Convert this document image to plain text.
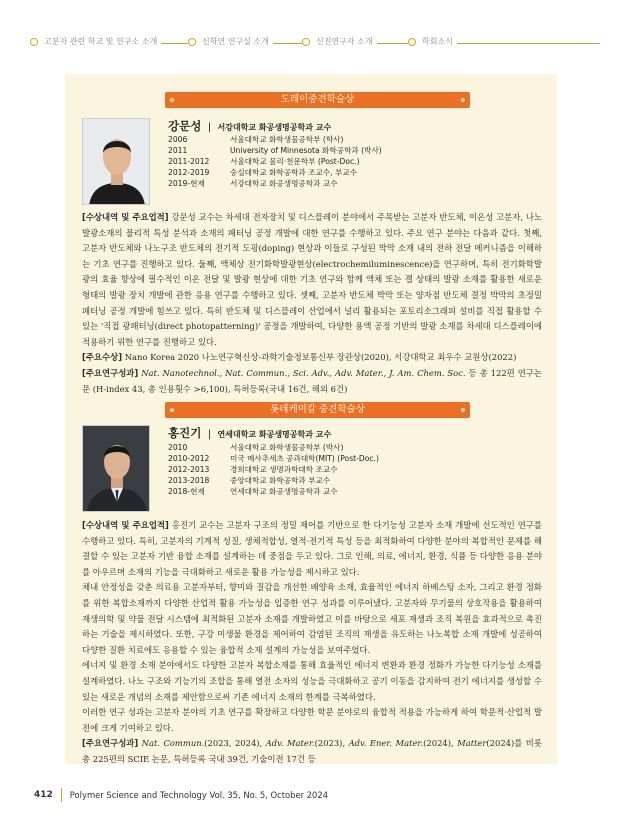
고분자 관련 학교 및 연구소 소개	신학연 연구실 소개	신진연구자 소개	학회소식
도레이중견학술상
강문성  |  서강대학교 화공생명공학과 교수
2006	서울대학교 화학생물공학부 (학사)
2011	University of Minnesota 화학공학과 (박사)
2011-2012	서울대학교 물리·천문학부 (Post-Doc.)
2012-2019	숭실대학교 화학공학과 조교수, 부교수
2019-현재	서강대학교 화공생명공학과 교수

[수상내역 및 주요업적] 강문성 교수는 차세대 전자장치 및 디스플레이 분야에서 주목받는 고분자 반도체, 이온성 고분자, 나노발광소재의 물리적 특성 분석과 소재의 패터닝 공정 개발에 대한 연구를 수행하고 있다. 주요 연구 분야는 다음과 같다. 첫째, 고분자 반도체와 나노구조 반도체의 전기적 도핑(doping) 현상과 이들로 구성된 박막 소재 내의 전하 전달 메커니즘을 이해하는 기초 연구를 진행하고 있다. 둘째, 액체상 전기화학발광현상(electrochemiluminescence)을 연구하며, 특히 전기화학발광의 효율 향상에 필수적인 이온 전달 및 발광 현상에 대한 기초 연구와 함께 액체 또는 겔 상태의 발광 소재를 활용한 새로운 형태의 발광 장치 개발에 관한 응용 연구를 수행하고 있다. 셋째, 고분자 반도체 박막 또는 양자점 반도체 결정 박막의 초정밀 패터닝 공정 개발에 힘쓰고 있다. 특히 반도체 및 디스플레이 산업에서 널리 활용되는 포토리소그래피 설비를 직접 활용할 수 있는 '직접 광패터닝(direct photopatterning)' 공정을 개발하여, 다양한 용액 공정 기반의 발광 소재를 차세대 디스플레이에 적용하기 위한 연구를 진행하고 있다.

[주요수상] Nano Korea 2020 나노연구혁신상-과학기술정보통신부 장관상(2020), 서강대학교 최우수 교원상(2022)

[주요연구성과] Nat. Nanotechnol., Nat. Commun., Sci. Adv., Adv. Mater., J. Am. Chem. Soc. 등 총 122편 연구논문 (H-index 43, 총 인용횟수 >6,100), 특허등록(국내 16건, 해외 6건)

롯데케미칼 중견학술상
홍진기  |  연세대학교 화공생명공학과 교수
2010	서울대학교 화학생물공학부 (박사)
2010-2012	미국 메사추세츠 공과대학(MIT) (Post-Doc.)
2012-2013	경희대학교 생명과학대학 조교수
2013-2018	중앙대학교 화학공학과 부교수
2018-현재	연세대학교 화공생명공학과 교수

[수상내역 및 주요업적] 홍진기 교수는 고분자 구조의 정밀 제어를 기반으로 한 다기능성 고분자 소재 개발에 선도적인 연구를 수행하고 있다. 특히, 고분자의 기계적 성질, 생체적합성, 열적·전기적 특성 등을 최적화하여 다양한 분야의 복합적인 문제를 해결할 수 있는 고분자 기반 융합 소재를 설계하는 데 중점을 두고 있다. 그로 인해, 의료, 에너지, 환경, 식품 등 다양한 응용 분야를 아우르며 소재의 기능을 극대화하고 새로운 활용 가능성을 제시하고 있다.

체내 안정성을 갖춘 의료용 고분자부터, 향미와 질감을 개선한 배양육 소재, 효율적인 에너지 하베스팅 소자, 그리고 환경 정화를 위한 복합소재까지 다양한 산업적 활용 가능성을 입증한 연구 성과를 이루어냈다. 고분자와 무기물의 상호작용을 활용하여 재생의학 및 약물 전달 시스템에 최적화된 고분자 소재를 개발하였고 이를 바탕으로 세포 재생과 조직 복원을 효과적으로 촉진하는 기술을 제시하였다. 또한, 구강 미생물 환경을 제어하여 감염된 조직의 재생을 유도하는 나노복합 소재 개발에 성공하여 다양한 질환 치료에도 응용할 수 있는 융합적 소재 설계의 가능성을 보여주었다.

에너지 및 환경 소재 분야에서도 다양한 고분자 복합소재를 통해 효율적인 에너지 변환과 환경 정화가 가능한 다기능성 소재를 설계하였다. 나노 구조와 기능기의 조합을 통해 열전 소자의 성능을 극대화하고 공기 이동을 감지하여 전기 에너지를 생성할 수 있는 새로운 개념의 소재를 제안함으로써 기존 에너지 소재의 한계를 극복하였다.

이러한 연구 성과는 고분자 분야의 기초 연구를 확장하고 다양한 학문 분야로의 융합적 적용을 가능하게 하여 학문적·산업적 발전에 크게 기여하고 있다.

[주요연구성과] Nat. Commun.(2023, 2024), Adv. Mater.(2023), Adv. Ener. Mater.(2024), Matter(2024)를 비롯 총 225편의 SCIE 논문, 특허등록 국내 39건, 기술이전 17건 등

412 Polymer Science and Technology Vol. 35, No. 5, October 2024
